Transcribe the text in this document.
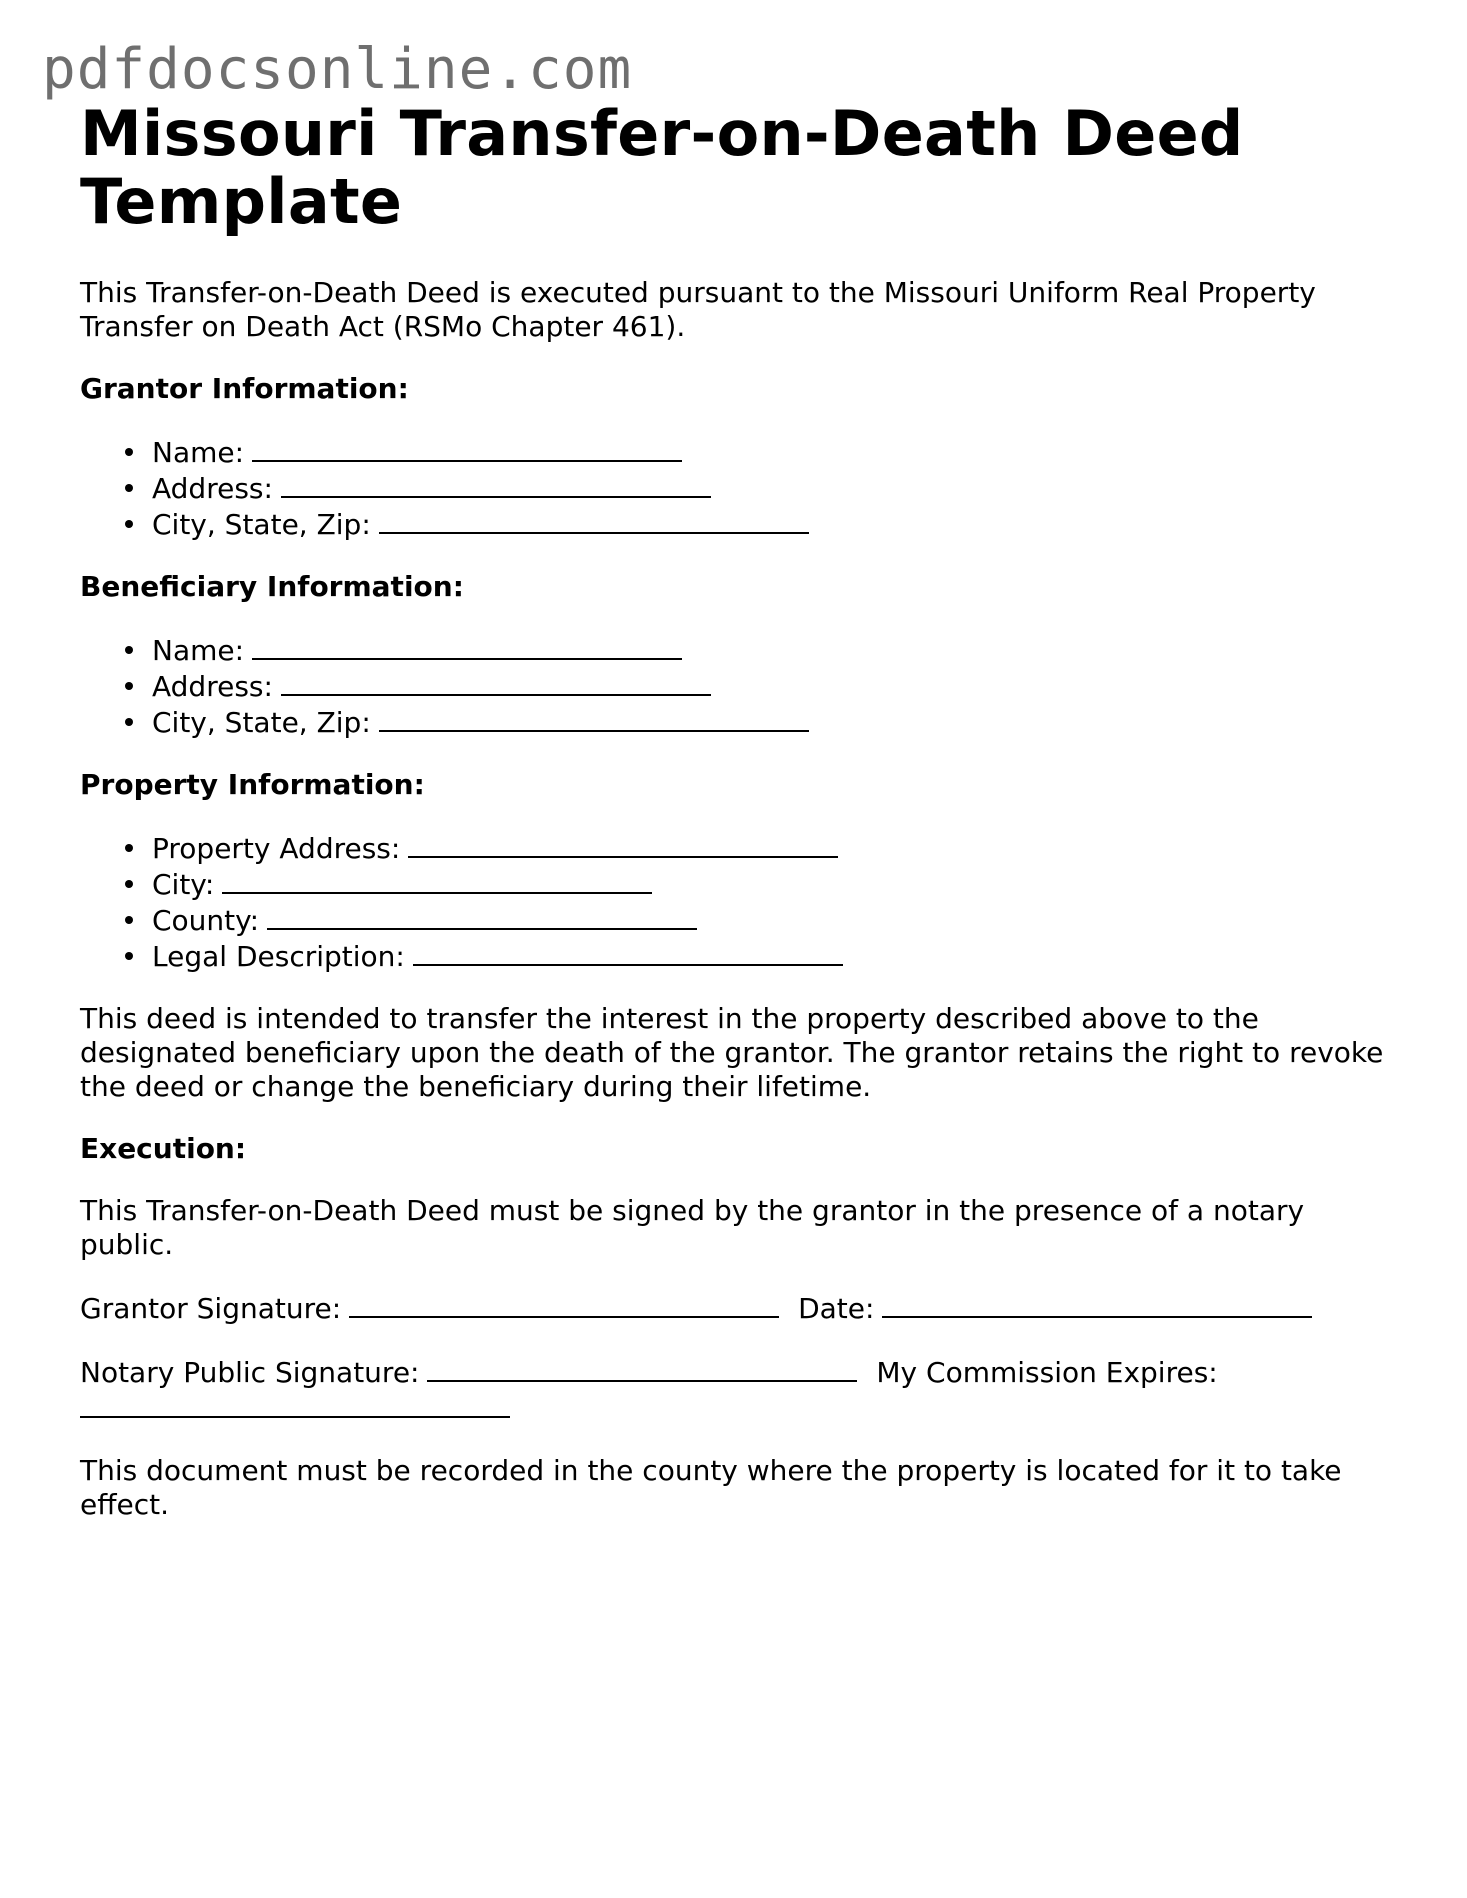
pdfdocsonline.com
Missouri Transfer-on-Death Deed Template

This Transfer-on-Death Deed is executed pursuant to the Missouri Uniform Real Property Transfer on Death Act (RSMo Chapter 461).

Grantor Information:
Name:
Address:
City, State, Zip:
Beneficiary Information:
Name:
Address:
City, State, Zip:
Property Information:
Property Address:
City:
County:
Legal Description:

This deed is intended to transfer the interest in the property described above to the designated beneficiary upon the death of the grantor. The grantor retains the right to revoke the deed or change the beneficiary during their lifetime.

Execution:

This Transfer-on-Death Deed must be signed by the grantor in the presence of a notary public.

Grantor Signature:	Date:
Notary Public Signature:	My Commission Expires:

This document must be recorded in the county where the property is located for it to take effect.
